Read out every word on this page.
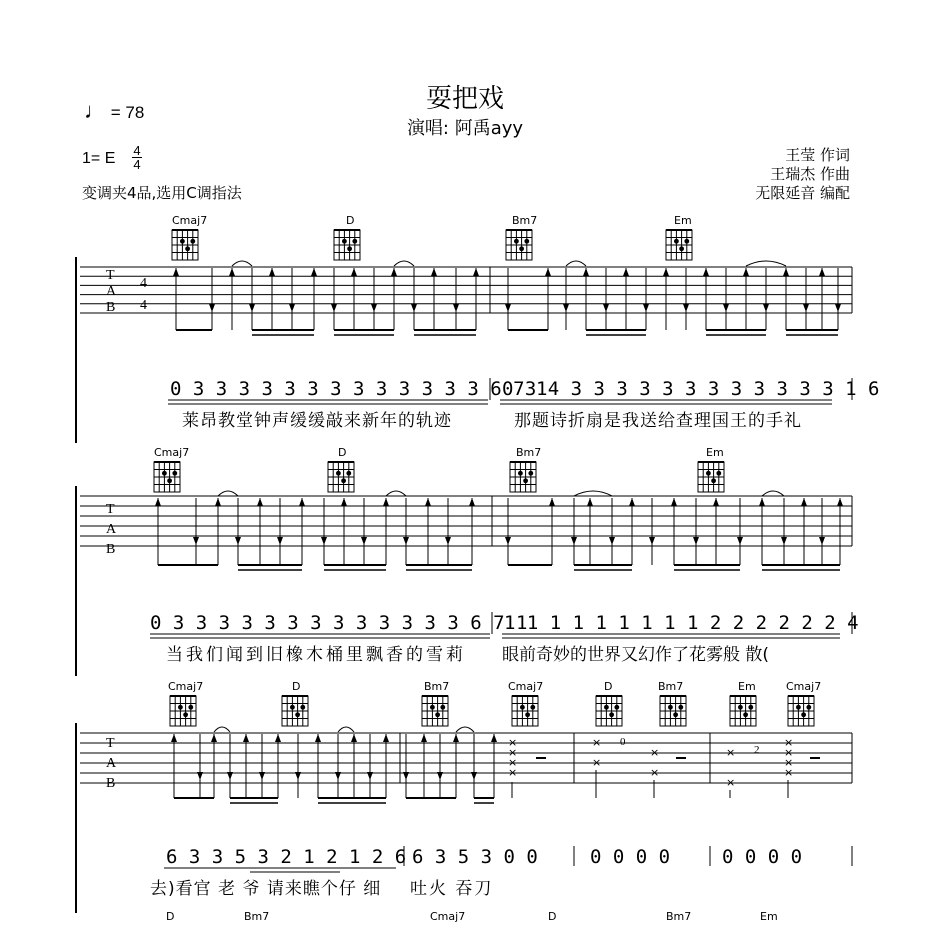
耍把戏
演唱: 阿禹ayy
♩ = 78
1= E 4
4
变调夹4品,选用C调指法
王莹 作词
王瑞杰 作曲
无限延音 编配
×
×
×
×
×
×
×
×
×
×
×
×
×
×
T
A
B
4
4
Cmaj7	D	Bm7	Em
0 3 3 3 3 3 3 3 3 3 3 3 3 3 6 7 1
0 3 4 3 3 3 3 3 3 3 3 3 3 3 3 1 6
莱昂教堂钟声缓缓敲来新年的轨迹	那题诗折扇是我送给查理国王的手礼
T
A
B
Cmaj7	D	Bm7	Em
0 3 3 3 3 3 3 3 3 3 3 3 3 3 6 7 1
1 1 1 1 1 1 1 1 1 2 2 2 2 2 2 4
当我们闻到旧橡木桶里飘香的雪莉 眼前奇妙的世界又幻作了花雾般 散(
T
A
B
Cmaj7	D	Bm7	Cmaj7	D	Bm7	Em	Cmaj7
0
2
6 3 3 5 3 2 1 2 1 2 6 6 3 5 3 0 0	0 0 0 0	0 0 0 0
去)看官 老 爷 请来瞧个仔 细 吐火 吞刀
D	Bm7	Cmaj7	D	Bm7	Em
